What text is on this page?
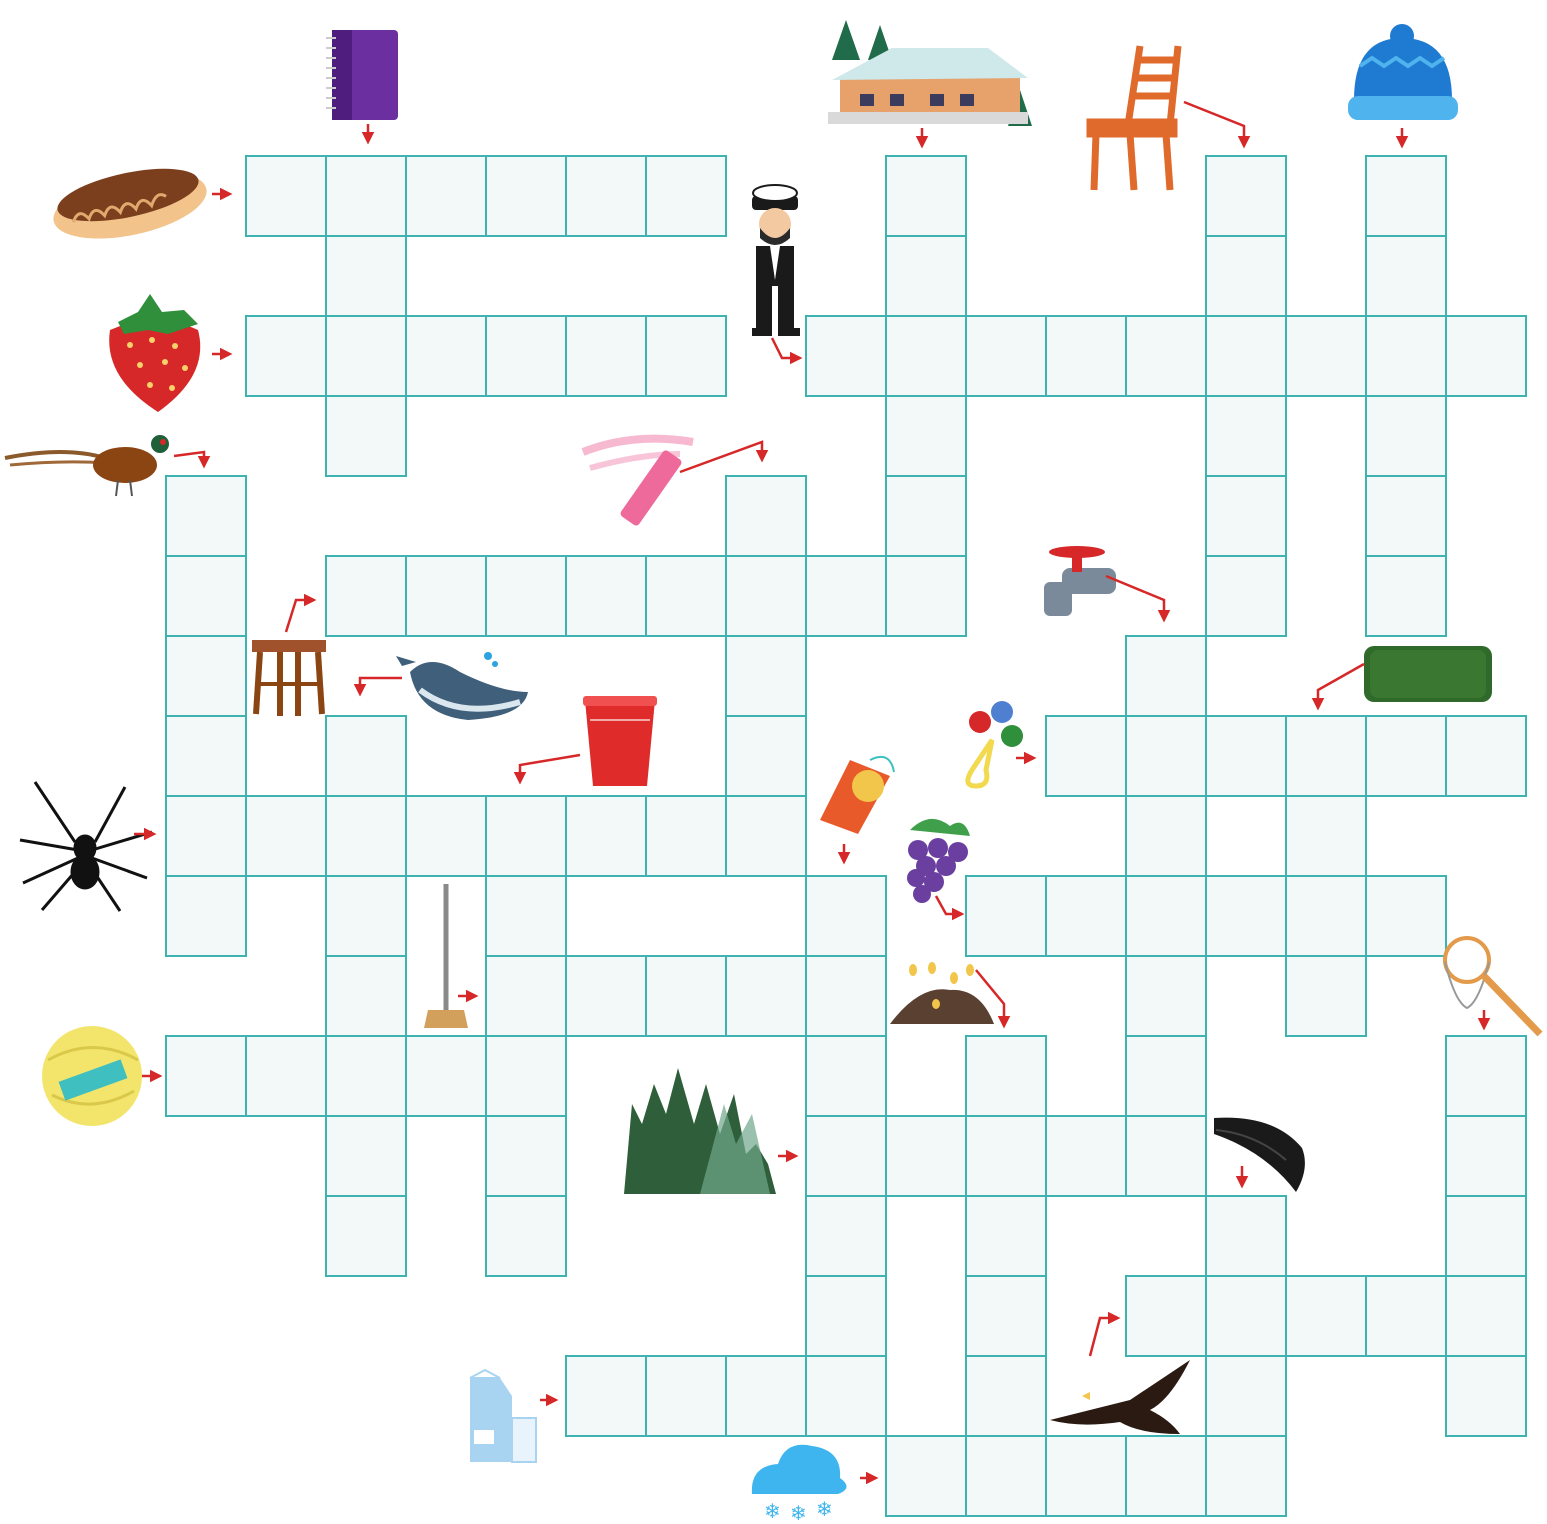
❄ ❄ ❄
